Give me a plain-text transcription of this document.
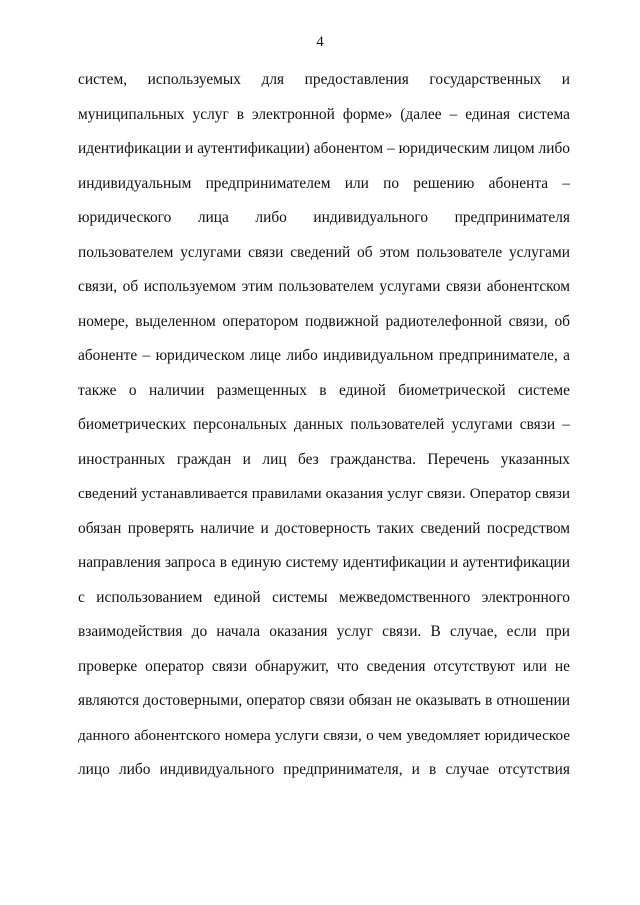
4
систем, используемых для предоставления государственных и
муниципальных услуг в электронной форме» (далее – единая система
идентификации и аутентификации) абонентом – юридическим лицом либо
индивидуальным предпринимателем или по решению абонента –
юридического лица либо индивидуального предпринимателя
пользователем услугами связи сведений об этом пользователе услугами
связи, об используемом этим пользователем услугами связи абонентском
номере, выделенном оператором подвижной радиотелефонной связи, об
абоненте – юридическом лице либо индивидуальном предпринимателе, а
также о наличии размещенных в единой биометрической системе
биометрических персональных данных пользователей услугами связи –
иностранных граждан и лиц без гражданства. Перечень указанных
сведений устанавливается правилами оказания услуг связи. Оператор связи
обязан проверять наличие и достоверность таких сведений посредством
направления запроса в единую систему идентификации и аутентификации
с использованием единой системы межведомственного электронного
взаимодействия до начала оказания услуг связи. В случае, если при
проверке оператор связи обнаружит, что сведения отсутствуют или не
являются достоверными, оператор связи обязан не оказывать в отношении
данного абонентского номера услуги связи, о чем уведомляет юридическое
лицо либо индивидуального предпринимателя, и в случае отсутствия
